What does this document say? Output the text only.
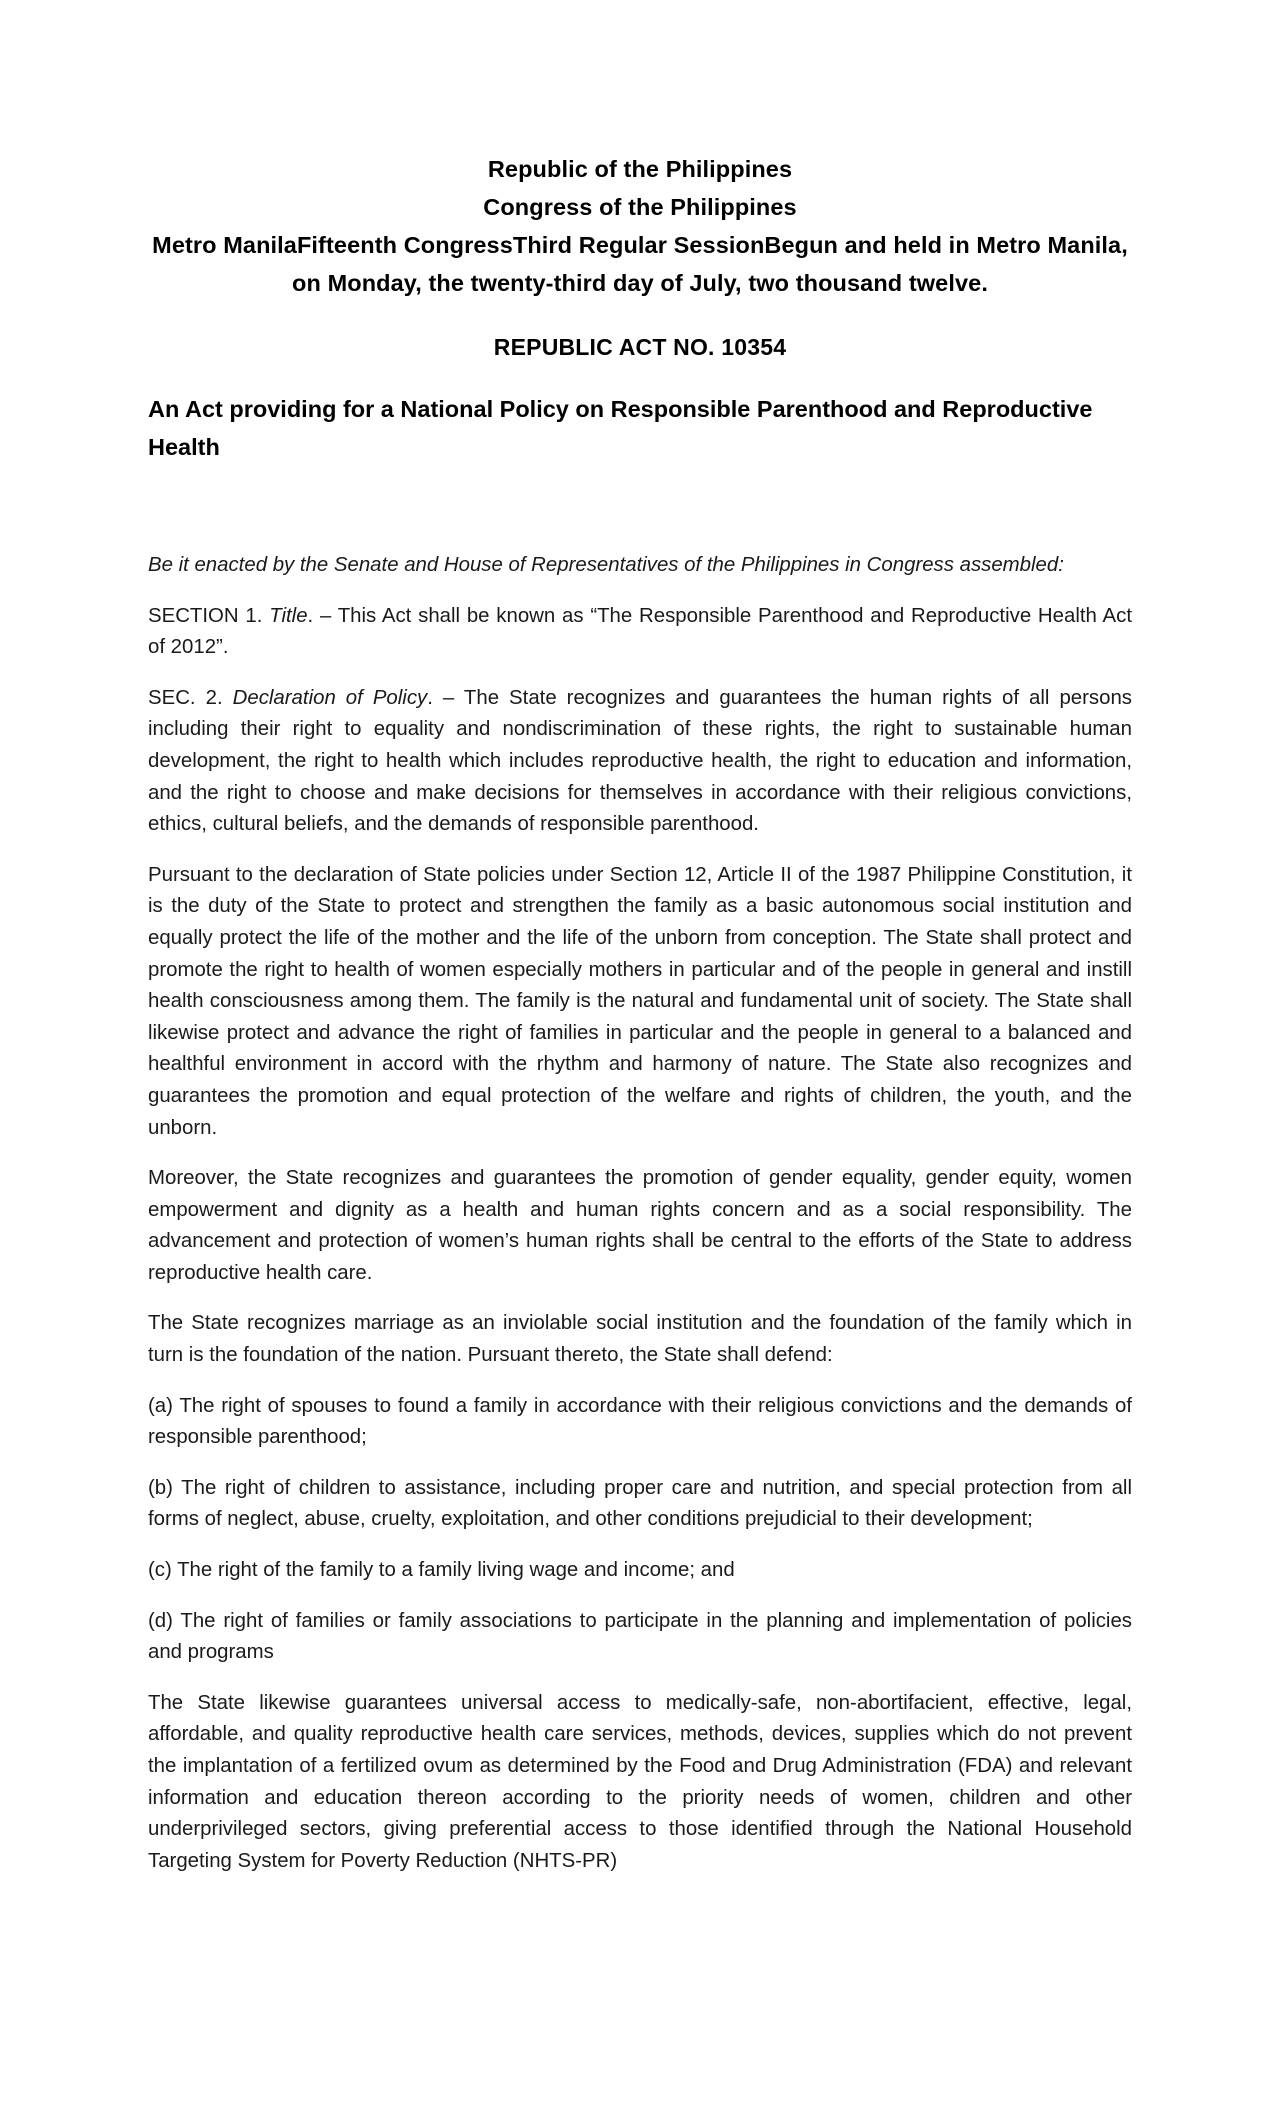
Republic of the Philippines
Congress of the Philippines
Metro ManilaFifteenth CongressThird Regular SessionBegun and held in Metro Manila, on Monday, the twenty-third day of July, two thousand twelve.
REPUBLIC ACT NO. 10354
An Act providing for a National Policy on Responsible Parenthood and Reproductive Health

Be it enacted by the Senate and House of Representatives of the Philippines in Congress assembled:

SECTION 1. Title. – This Act shall be known as “The Responsible Parenthood and Reproductive Health Act of 2012”.

SEC. 2. Declaration of Policy. – The State recognizes and guarantees the human rights of all persons including their right to equality and nondiscrimination of these rights, the right to sustainable human development, the right to health which includes reproductive health, the right to education and information, and the right to choose and make decisions for themselves in accordance with their religious convictions, ethics, cultural beliefs, and the demands of responsible parenthood.

Pursuant to the declaration of State policies under Section 12, Article II of the 1987 Philippine Constitution, it is the duty of the State to protect and strengthen the family as a basic autonomous social institution and equally protect the life of the mother and the life of the unborn from conception. The State shall protect and promote the right to health of women especially mothers in particular and of the people in general and instill health consciousness among them. The family is the natural and fundamental unit of society. The State shall likewise protect and advance the right of families in particular and the people in general to a balanced and healthful environment in accord with the rhythm and harmony of nature. The State also recognizes and guarantees the promotion and equal protection of the welfare and rights of children, the youth, and the unborn.

Moreover, the State recognizes and guarantees the promotion of gender equality, gender equity, women empowerment and dignity as a health and human rights concern and as a social responsibility. The advancement and protection of women’s human rights shall be central to the efforts of the State to address reproductive health care.

The State recognizes marriage as an inviolable social institution and the foundation of the family which in turn is the foundation of the nation. Pursuant thereto, the State shall defend:

(a) The right of spouses to found a family in accordance with their religious convictions and the demands of responsible parenthood;

(b) The right of children to assistance, including proper care and nutrition, and special protection from all forms of neglect, abuse, cruelty, exploitation, and other conditions prejudicial to their development;

(c) The right of the family to a family living wage and income; and

(d) The right of families or family associations to participate in the planning and implementation of policies and programs

The State likewise guarantees universal access to medically-safe, non-abortifacient, effective, legal, affordable, and quality reproductive health care services, methods, devices, supplies which do not prevent the implantation of a fertilized ovum as determined by the Food and Drug Administration (FDA) and relevant information and education thereon according to the priority needs of women, children and other underprivileged sectors, giving preferential access to those identified through the National Household Targeting System for Poverty Reduction (NHTS-PR)
